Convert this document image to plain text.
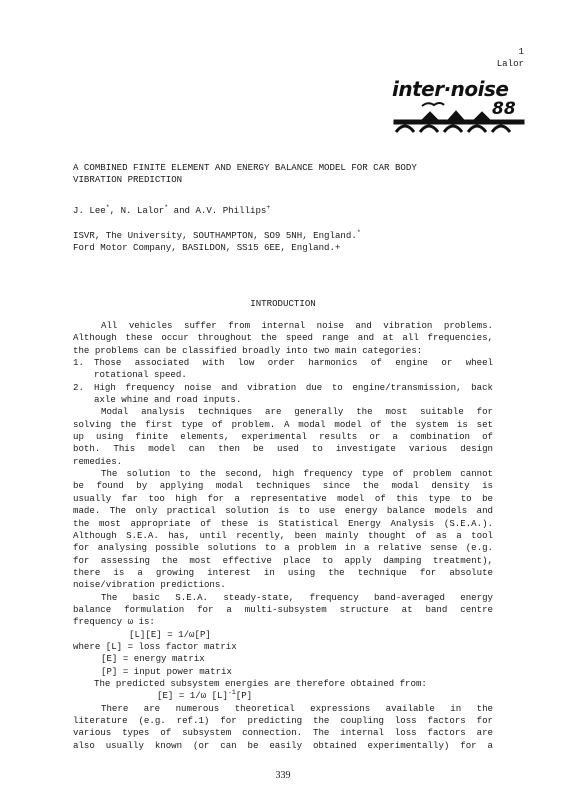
1
Lalor
inter·noise
88
A COMBINED FINITE ELEMENT AND ENERGY BALANCE MODEL FOR CAR BODY
VIBRATION PREDICTION
J. Lee*, N. Lalor* and A.V. Phillips+
ISVR, The University, SOUTHAMPTON, SO9 5NH, England.*
Ford Motor Company, BASILDON, SS15 6EE, England.+
INTRODUCTION

All vehicles suffer from internal noise and vibration problems.

Although these occur throughout the speed range and at all frequencies,

the problems can be classified broadly into two main categories:

1.	Those associated with low order harmonics of engine or wheel

rotational speed.

2.	High frequency noise and vibration due to engine/transmission, back

axle whine and road inputs.

Modal analysis techniques are generally the most suitable for

solving the first type of problem. A modal model of the system is set

up using finite elements, experimental results or a combination of

both. This model can then be used to investigate various design

remedies.

The solution to the second, high frequency type of problem cannot

be found by applying modal techniques since the modal density is

usually far too high for a representative model of this type to be

made. The only practical solution is to use energy balance models and

the most appropriate of these is Statistical Energy Analysis (S.E.A.).

Although S.E.A. has, until recently, been mainly thought of as a tool

for analysing possible solutions to a problem in a relative sense (e.g.

for assessing the most effective place to apply damping treatment),

there is a growing interest in using the technique for absolute

noise/vibration predictions.

The basic S.E.A. steady-state, frequency band-averaged energy

balance formulation for a multi-subsystem structure at band centre

frequency ω is:

[L][E] = 1/ω[P]

where [L] = loss factor matrix

[E] = energy matrix

[P] = input power matrix

The predicted subsystem energies are therefore obtained from:

[E] = 1/ω $[L]^{-1}[P]$

There are numerous theoretical expressions available in the

literature (e.g. ref.1) for predicting the coupling loss factors for

various types of subsystem connection. The internal loss factors are

also usually known (or can be easily obtained experimentally) for a

339
